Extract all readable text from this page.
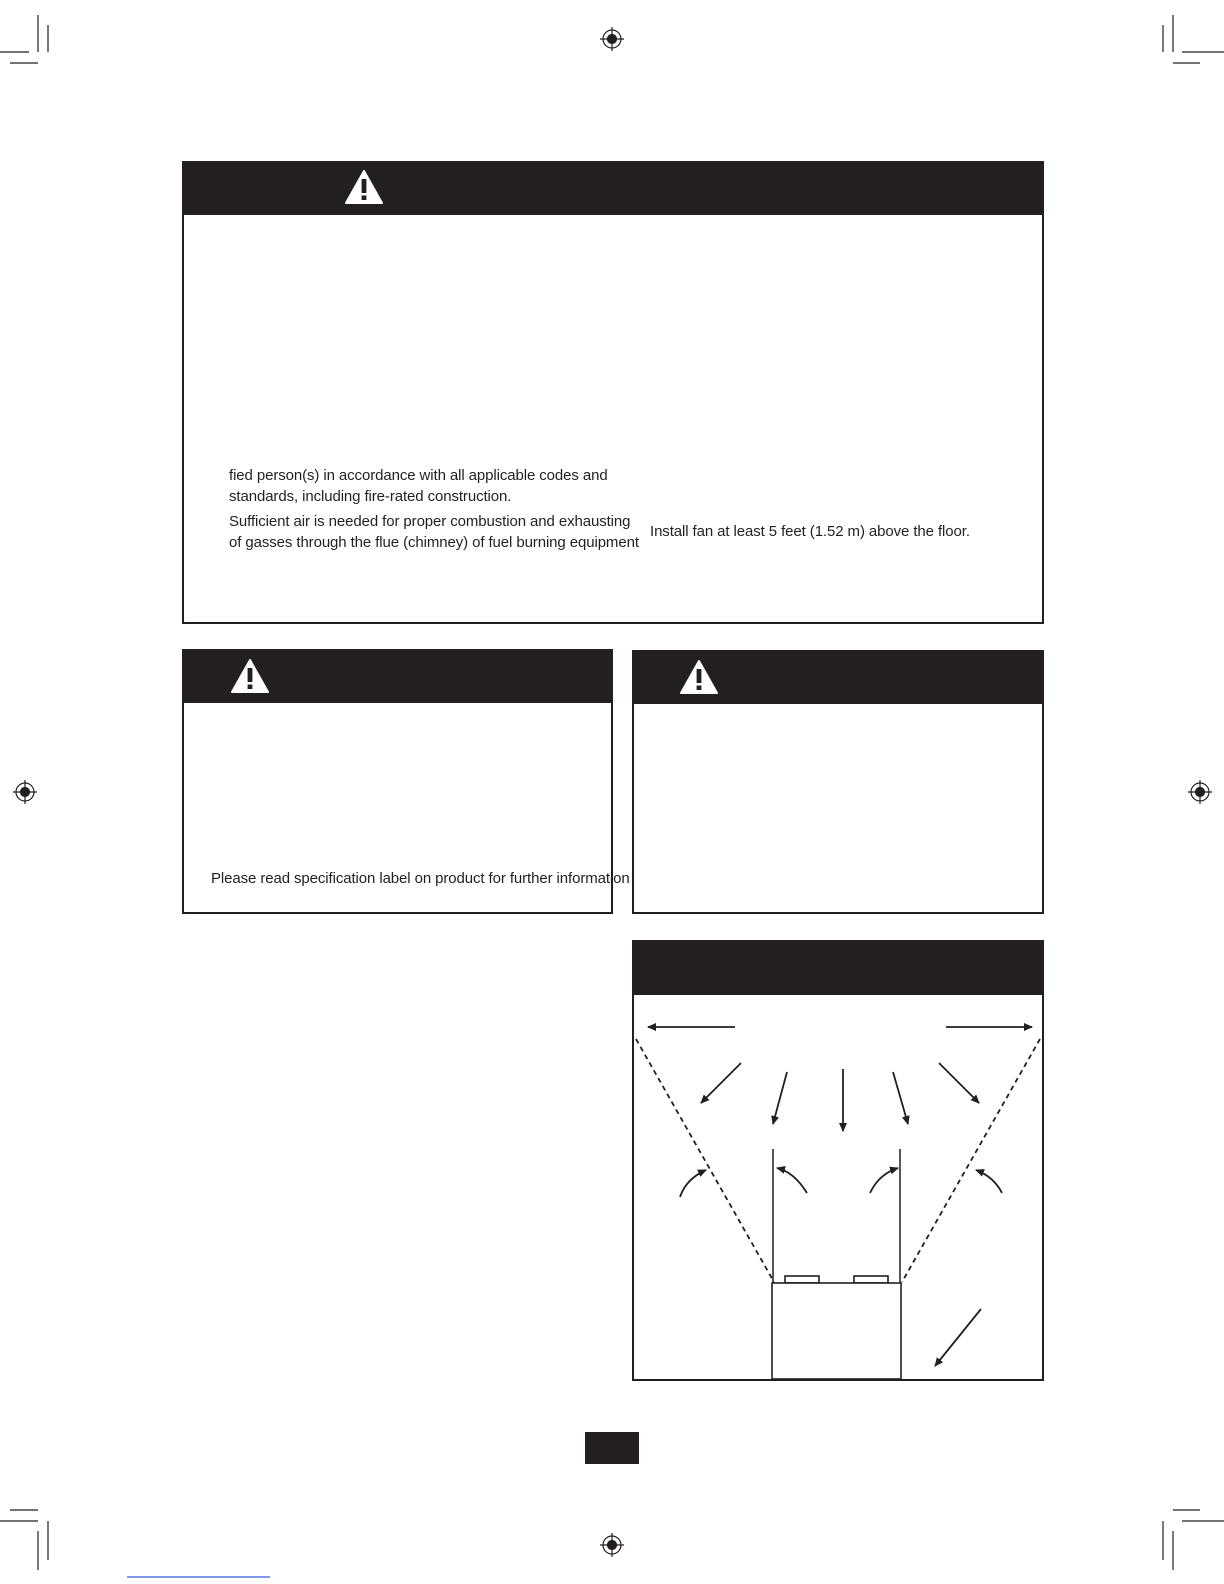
fied person(s) in accordance with all applicable codes and
standards, including fire-rated construction.
Sufficient air is needed for proper combustion and exhausting
of gasses through the flue (chimney) of fuel burning equipment
Install fan at least 5 feet (1.52 m) above the floor.
Please read specification label on product for further information
